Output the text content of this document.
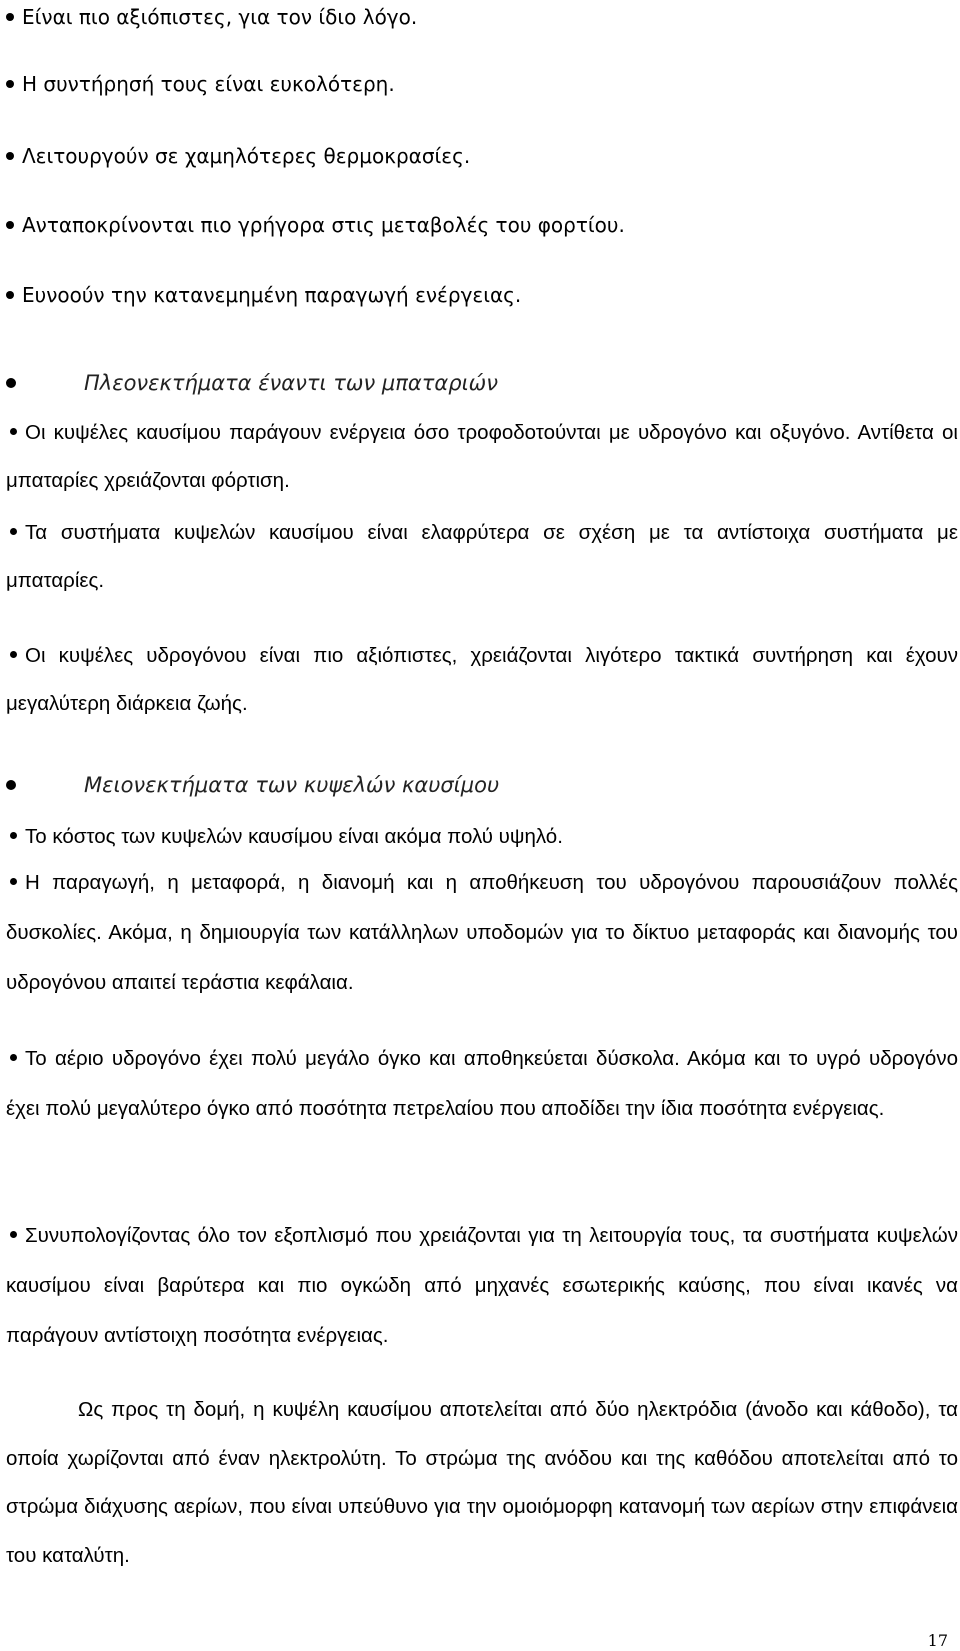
Είναι πιο αξιόπιστες, για τον ίδιο λόγο.
Η συντήρησή τους είναι ευκολότερη.
Λειτουργούν σε χαμηλότερες θερμοκρασίες.
Ανταποκρίνονται πιο γρήγορα στις μεταβολές του φορτίου.
Ευνοούν την κατανεμημένη παραγωγή ενέργειας.
Πλεονεκτήματα έναντι των μπαταριών

Οι κυψέλες καυσίμου παράγουν ενέργεια όσο τροφοδοτούνται με υδρογόνο και οξυγόνο. Αντίθετα οι μπαταρίες χρειάζονται φόρτιση.

Τα συστήματα κυψελών καυσίμου είναι ελαφρύτερα σε σχέση με τα αντίστοιχα συστήματα με μπαταρίες.

Οι κυψέλες υδρογόνου είναι πιο αξιόπιστες, χρειάζονται λιγότερο τακτικά συντήρηση και έχουν μεγαλύτερη διάρκεια ζωής.

Μειονεκτήματα των κυψελών καυσίμου

Το κόστος των κυψελών καυσίμου είναι ακόμα πολύ υψηλό.

Η παραγωγή, η μεταφορά, η διανομή και η αποθήκευση του υδρογόνου παρουσιάζουν πολλές δυσκολίες. Ακόμα, η δημιουργία των κατάλληλων υποδομών για το δίκτυο μεταφοράς και διανομής του υδρογόνου απαιτεί τεράστια κεφάλαια.

Το αέριο υδρογόνο έχει πολύ μεγάλο όγκο και αποθηκεύεται δύσκολα. Ακόμα και το υγρό υδρογόνο έχει πολύ μεγαλύτερο όγκο από ποσότητα πετρελαίου που αποδίδει την ίδια ποσότητα ενέργειας.

Συνυπολογίζοντας όλο τον εξοπλισμό που χρειάζονται για τη λειτουργία τους, τα συστήματα κυψελών καυσίμου είναι βαρύτερα και πιο ογκώδη από μηχανές εσωτερικής καύσης, που είναι ικανές να παράγουν αντίστοιχη ποσότητα ενέργειας.

Ως προς τη δομή, η κυψέλη καυσίμου αποτελείται από δύο ηλεκτρόδια (άνοδο και κάθοδο), τα οποία χωρίζονται από έναν ηλεκτρολύτη. Το στρώμα της ανόδου και της καθόδου αποτελείται από το στρώμα διάχυσης αερίων, που είναι υπεύθυνο για την ομοιόμορφη κατανομή των αερίων στην επιφάνεια του καταλύτη.

17
